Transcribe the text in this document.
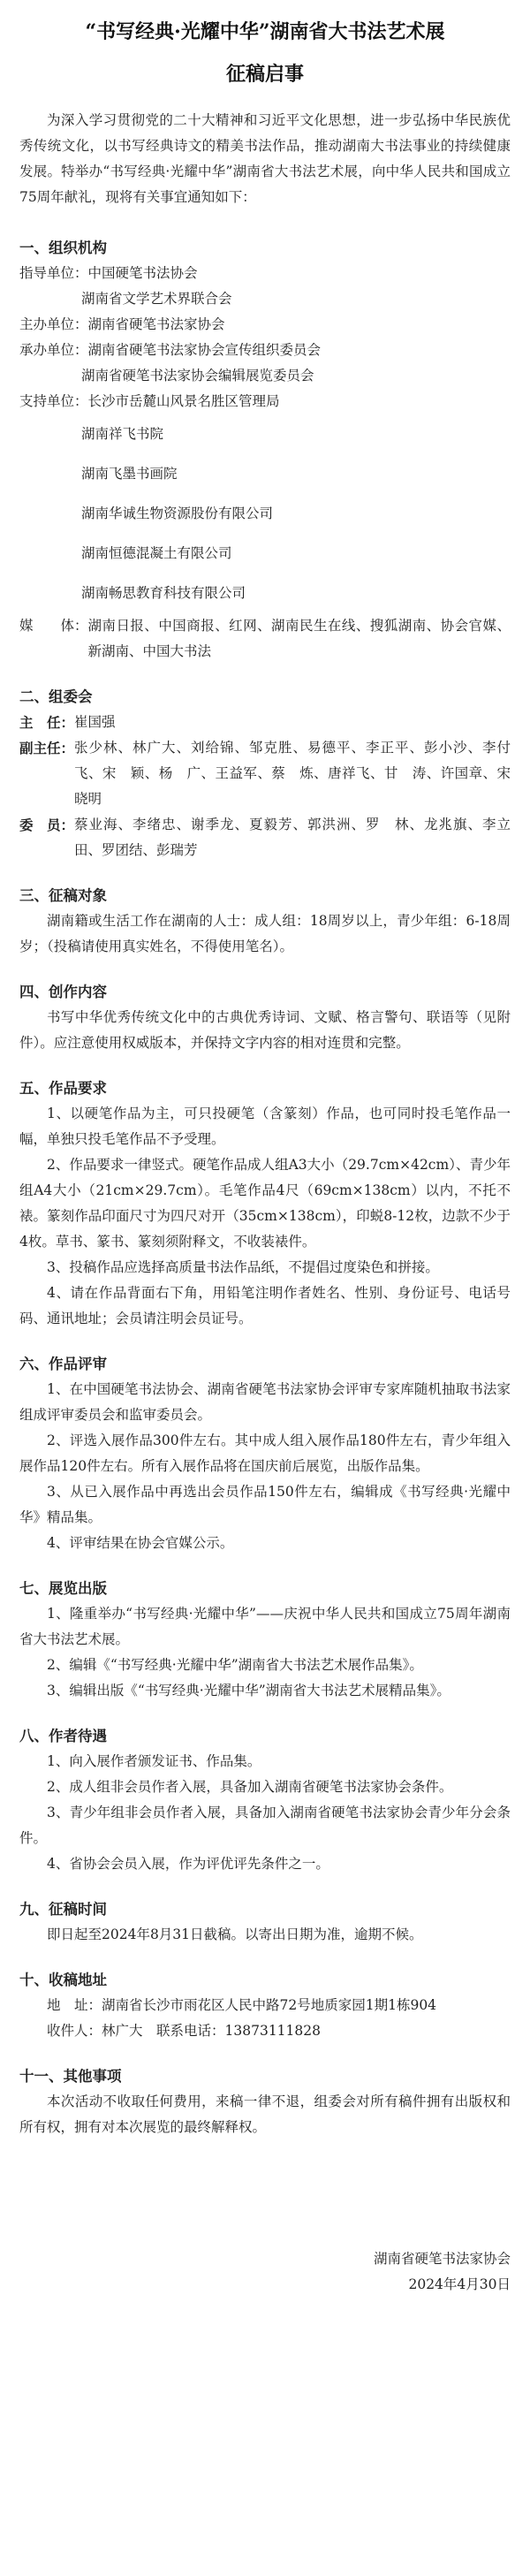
“书写经典·光耀中华”湖南省大书法艺术展
征稿启事

为深入学习贯彻党的二十大精神和习近平文化思想，进一步弘扬中华民族优秀传统文化，以书写经典诗文的精美书法作品，推动湖南大书法事业的持续健康发展。特举办“书写经典·光耀中华”湖南省大书法艺术展，向中华人民共和国成立75周年献礼，现将有关事宜通知如下：

一、组织机构
指导单位： 中国硬笔书法协会
湖南省文学艺术界联合会
主办单位： 湖南省硬笔书法家协会
承办单位： 湖南省硬笔书法家协会宣传组织委员会
湖南省硬笔书法家协会编辑展览委员会
支持单位： 长沙市岳麓山风景名胜区管理局
湖南祥飞书院
湖南飞墨书画院
湖南华诚生物资源股份有限公司
湖南恒德混凝土有限公司
湖南畅思教育科技有限公司
媒　　体： 湖南日报、中国商报、红网、湖南民生在线、搜狐湖南、协会官媒、新湖南、中国大书法
二、组委会
主　任： 崔国强
副主任： 张少林、林广大、刘给锦、邹克胜、易德平、李正平、彭小沙、李付飞、宋　颖、杨　广、王益军、蔡　炼、唐祥飞、甘　涛、许国章、宋晓明
委　员： 蔡业海、李绪忠、谢季龙、夏毅芳、郭洪洲、罗　林、龙兆旗、李立田、罗团结、彭瑞芳
三、征稿对象

湖南籍或生活工作在湖南的人士：成人组：18周岁以上，青少年组：6-18周岁；（投稿请使用真实姓名，不得使用笔名）。

四、创作内容

书写中华优秀传统文化中的古典优秀诗词、文赋、格言警句、联语等（见附件）。应注意使用权威版本，并保持文字内容的相对连贯和完整。

五、作品要求

1、以硬笔作品为主，可只投硬笔（含篆刻）作品，也可同时投毛笔作品一幅，单独只投毛笔作品不予受理。

2、作品要求一律竖式。硬笔作品成人组A3大小（29.7cm×42cm）、青少年组A4大小（21cm×29.7cm）。毛笔作品4尺（69cm×138cm）以内，不托不裱。篆刻作品印面尺寸为四尺对开（35cm×138cm），印蜕8-12枚，边款不少于4枚。草书、篆书、篆刻须附释文，不收装裱件。

3、投稿作品应选择高质量书法作品纸，不提倡过度染色和拼接。

4、请在作品背面右下角，用铅笔注明作者姓名、性别、身份证号、电话号码、通讯地址；会员请注明会员证号。

六、作品评审

1、在中国硬笔书法协会、湖南省硬笔书法家协会评审专家库随机抽取书法家组成评审委员会和监审委员会。

2、评选入展作品300件左右。其中成人组入展作品180件左右，青少年组入展作品120件左右。所有入展作品将在国庆前后展览，出版作品集。

3、从已入展作品中再选出会员作品150件左右，编辑成《书写经典·光耀中华》精品集。

4、评审结果在协会官媒公示。

七、展览出版

1、隆重举办“书写经典·光耀中华”——庆祝中华人民共和国成立75周年湖南省大书法艺术展。

2、编辑《“书写经典·光耀中华”湖南省大书法艺术展作品集》。

3、编辑出版《“书写经典·光耀中华”湖南省大书法艺术展精品集》。

八、作者待遇

1、向入展作者颁发证书、作品集。

2、成人组非会员作者入展，具备加入湖南省硬笔书法家协会条件。

3、青少年组非会员作者入展，具备加入湖南省硬笔书法家协会青少年分会条件。

4、省协会会员入展，作为评优评先条件之一。

九、征稿时间

即日起至2024年8月31日截稿。以寄出日期为准，逾期不候。

十、收稿地址
地　址： 湖南省长沙市雨花区人民中路72号地质家园1期1栋904
收件人： 林广大　联系电话：13873111828
十一、其他事项

本次活动不收取任何费用，来稿一律不退，组委会对所有稿件拥有出版权和所有权，拥有对本次展览的最终解释权。

湖南省硬笔书法家协会
2024年4月30日
